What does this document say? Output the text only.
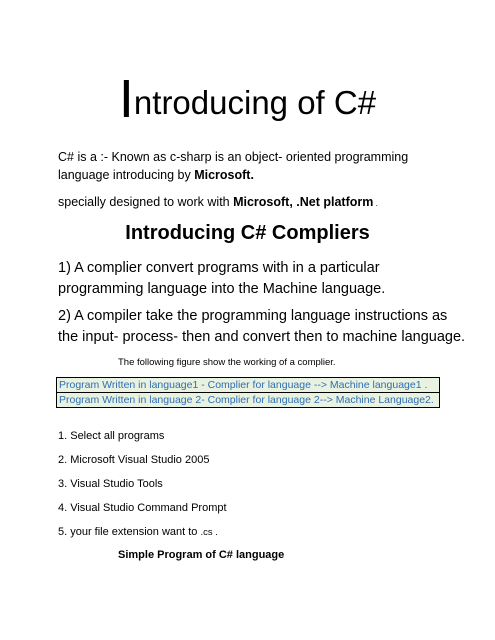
Introducing of C#
C# is a :- Known as c-sharp is an object- oriented programming
language introducing by Microsoft.
specially designed to work with Microsoft, .Net platform .
Introducing C# Compliers
1) A complier convert programs with in a particular
programming language into the Machine language.
2) A compiler take the programming language instructions as
the input- process- then and convert then to machine language.
The following figure show the working of a complier.
Program Written in language1 - Complier for language --> Machine language1 .
Program Written in language 2- Complier for language 2--> Machine Language2.
1. Select all programs
2. Microsoft Visual Studio 2005
3. Visual Studio Tools
4. Visual Studio Command Prompt
5. your file extension want to .cs .
Simple Program of C# language
